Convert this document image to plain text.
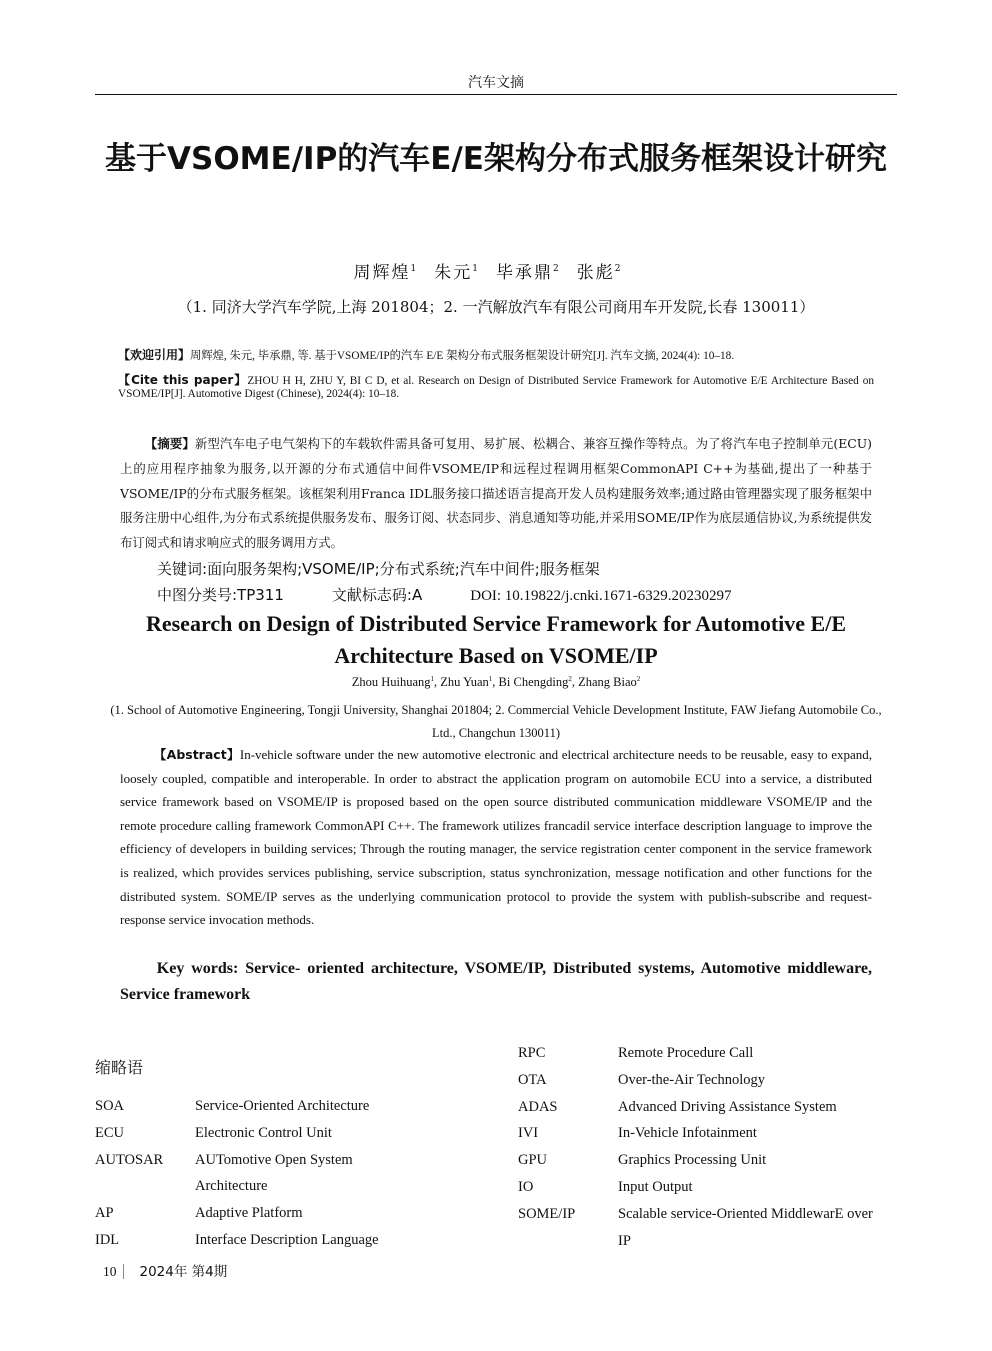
汽车文摘
基于VSOME/IP的汽车E/E架构分布式服务框架设计研究
周辉煌$^1$ 朱元$^1$ 毕承鼎$^2$ 张彪$^2$
（1. 同济大学汽车学院,上海 201804；2. 一汽解放汽车有限公司商用车开发院,长春 130011）
【欢迎引用】周辉煌, 朱元, 毕承鼎, 等. 基于VSOME/IP的汽车 E/E 架构分布式服务框架设计研究[J]. 汽车文摘, 2024(4): 10–18.
【Cite this paper】ZHOU H H, ZHU Y, BI C D, et al. Research on Design of Distributed Service Framework for Automotive E/E Architecture Based on VSOME/IP[J]. Automotive Digest (Chinese), 2024(4): 10–18.
【摘要】新型汽车电子电气架构下的车载软件需具备可复用、易扩展、松耦合、兼容互操作等特点。为了将汽车电子控制单元(ECU)上的应用程序抽象为服务,以开源的分布式通信中间件VSOME/IP和远程过程调用框架CommonAPI C++为基础,提出了一种基于VSOME/IP的分布式服务框架。该框架利用Franca IDL服务接口描述语言提高开发人员构建服务效率;通过路由管理器实现了服务框架中服务注册中心组件,为分布式系统提供服务发布、服务订阅、状态同步、消息通知等功能,并采用SOME/IP作为底层通信协议,为系统提供发布订阅式和请求响应式的服务调用方式。
关键词:面向服务架构;VSOME/IP;分布式系统;汽车中间件;服务框架
中图分类号:TP311	文献标志码:A	DOI: 10.19822/j.cnki.1671-6329.20230297
Research on Design of Distributed Service Framework for Automotive E/E Architecture Based on VSOME/IP
Zhou Huihuang$^1$, Zhu Yuan$^1$, Bi Chengding$^2$, Zhang Biao$^2$
(1. School of Automotive Engineering, Tongji University, Shanghai 201804; 2. Commercial Vehicle Development Institute, FAW Jiefang Automobile Co., Ltd., Changchun 130011)
【Abstract】In-vehicle software under the new automotive electronic and electrical architecture needs to be reusable, easy to expand, loosely coupled, compatible and interoperable. In order to abstract the application program on automobile ECU into a service, a distributed service framework based on VSOME/IP is proposed based on the open source distributed communication middleware VSOME/IP and the remote procedure calling framework CommonAPI C++. The framework utilizes francadil service interface description language to improve the efficiency of developers in building services; Through the routing manager, the service registration center component in the service framework is realized, which provides services publishing, service subscription, status synchronization, message notification and other functions for the distributed system. SOME/IP serves as the underlying communication protocol to provide the system with publish-subscribe and request-response service invocation methods.
Key words: Service- oriented architecture, VSOME/IP, Distributed systems, Automotive middleware, Service framework
缩略语
SOA	Service-Oriented Architecture
ECU	Electronic Control Unit
AUTOSAR	AUTomotive Open System Architecture
AP	Adaptive Platform
IDL	Interface Description Language
RPC	Remote Procedure Call
OTA	Over-the-Air Technology
ADAS	Advanced Driving Assistance System
IVI	In-Vehicle Infotainment
GPU	Graphics Processing Unit
IO	Input Output
SOME/IP	Scalable service-Oriented MiddlewarE over IP
10 2024年 第4期
